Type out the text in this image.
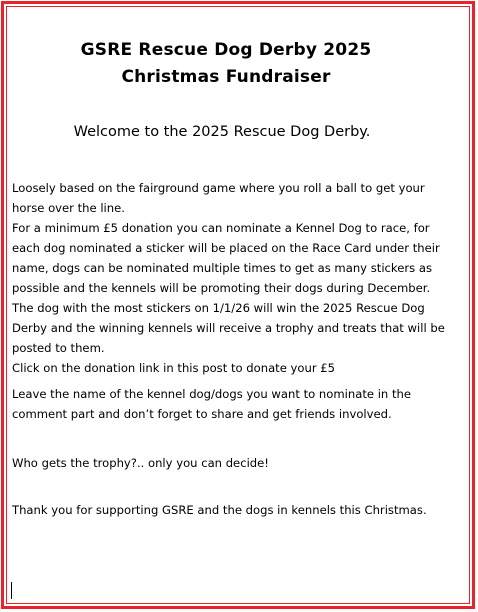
GSRE Rescue Dog Derby 2025
Christmas Fundraiser
Welcome to the 2025 Rescue Dog Derby.
Loosely based on the fairground game where you roll a ball to get your horse over the line.
For a minimum £5 donation you can nominate a Kennel Dog to race, for each dog nominated a sticker will be placed on the Race Card under their name, dogs can be nominated multiple times to get as many stickers as possible and the kennels will be promoting their dogs during December.
The dog with the most stickers on 1/1/26 will win the 2025 Rescue Dog Derby and the winning kennels will receive a trophy and treats that will be posted to them.
Click on the donation link in this post to donate your £5
Leave the name of the kennel dog/dogs you want to nominate in the comment part and don’t forget to share and get friends involved.
Who gets the trophy?.. only you can decide!
Thank you for supporting GSRE and the dogs in kennels this Christmas.
